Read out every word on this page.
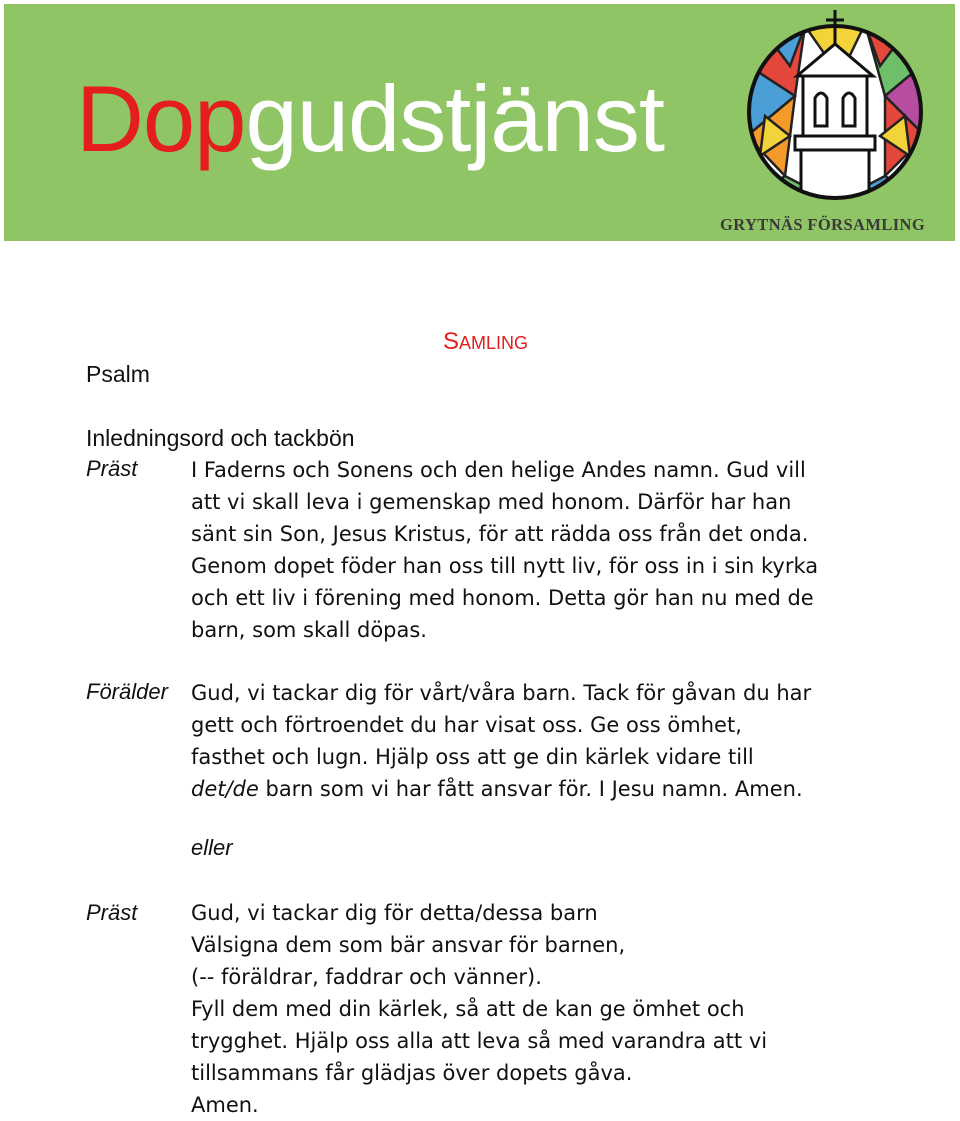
Dopgudstjänst
GRYTNÄS FÖRSAMLING
SAMLING
Psalm
Inledningsord och tackbön
Präst	I Faderns och Sonens och den helige Andes namn. Gud vill

att vi skall leva i gemenskap med honom. Därför har han

sänt sin Son, Jesus Kristus, för att rädda oss från det onda.

Genom dopet föder han oss till nytt liv, för oss in i sin kyrka

och ett liv i förening med honom. Detta gör han nu med de

barn, som skall döpas.

Förälder Gud, vi tackar dig för vårt/våra barn. Tack för gåvan du har

gett och förtroendet du har visat oss. Ge oss ömhet,

fasthet och lugn. Hjälp oss att ge din kärlek vidare till

det/de barn som vi har fått ansvar för. I Jesu namn. Amen.

eller
Präst	Gud, vi tackar dig för detta/dessa barn

Välsigna dem som bär ansvar för barnen,

(-- föräldrar, faddrar och vänner).

Fyll dem med din kärlek, så att de kan ge ömhet och

trygghet. Hjälp oss alla att leva så med varandra att vi

tillsammans får glädjas över dopets gåva.

Amen.
